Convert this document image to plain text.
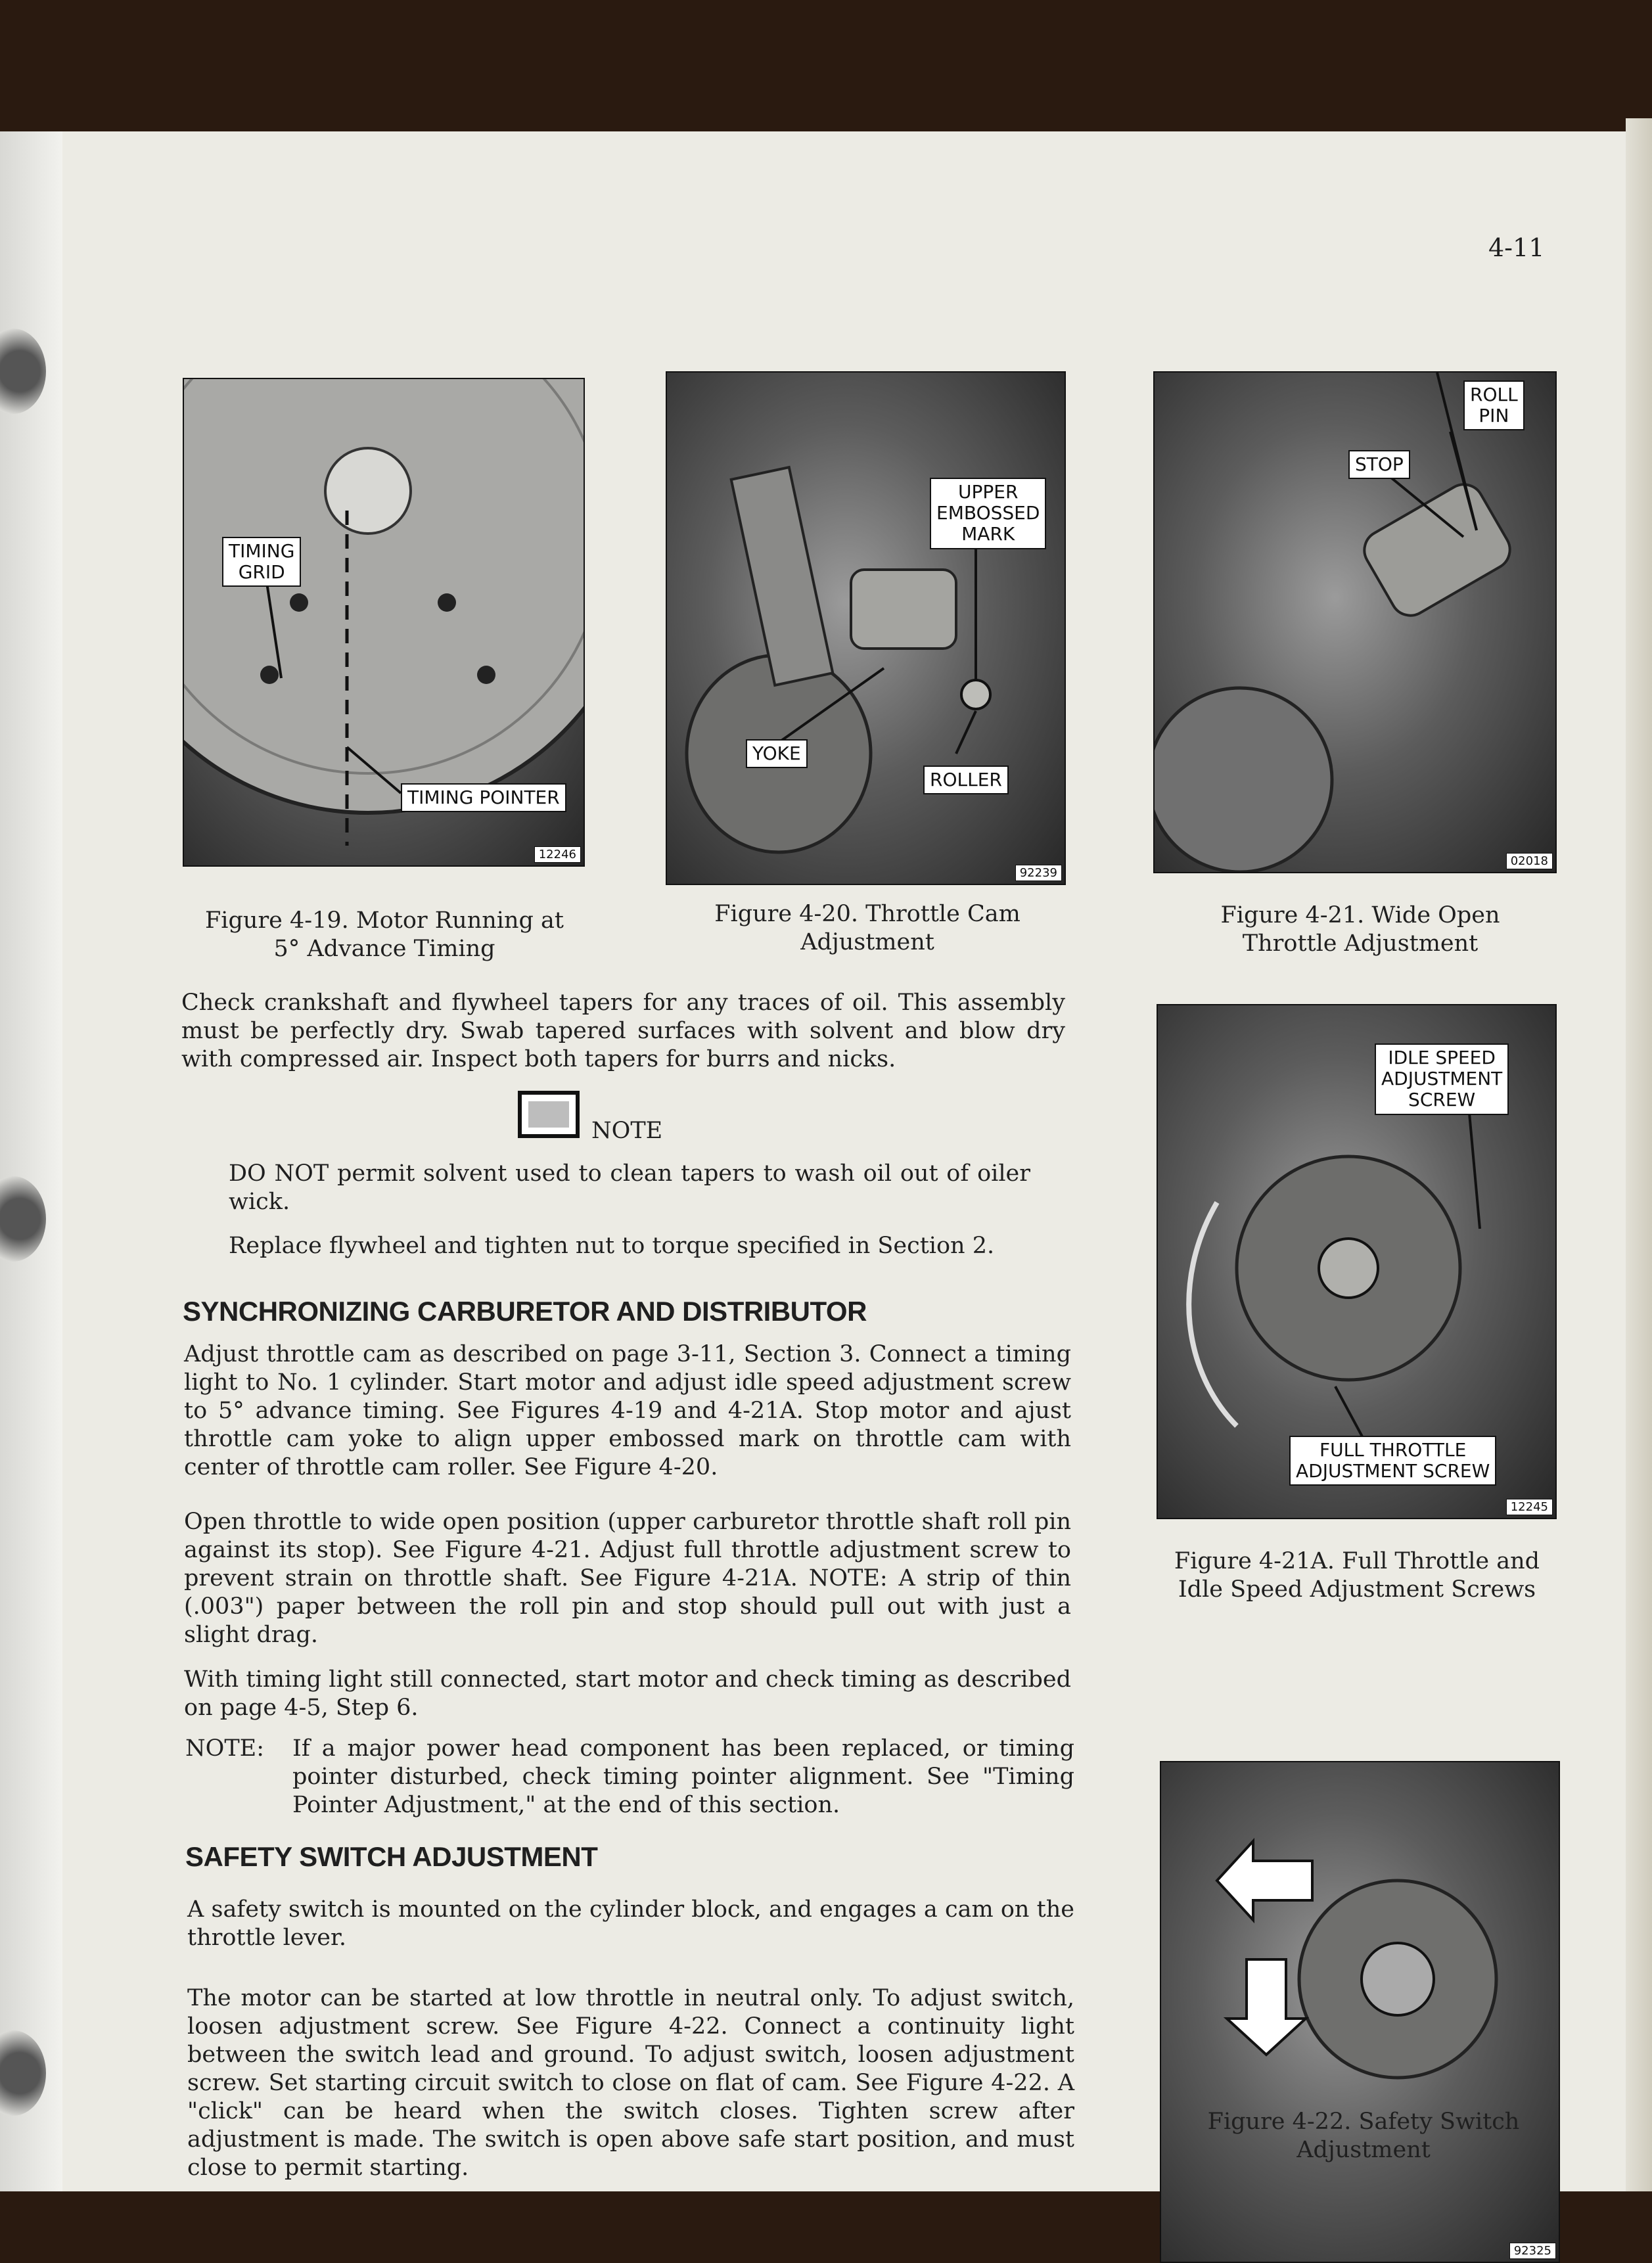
4-11
TIMING
GRID
TIMING POINTER
12246
Figure 4-19. Motor Running at
5° Advance Timing
UPPER
EMBOSSED
MARK
YOKE
ROLLER
92239
Figure 4-20. Throttle Cam
Adjustment
ROLL
PIN
STOP
02018
Figure 4-21. Wide Open
Throttle Adjustment
IDLE SPEED
ADJUSTMENT
SCREW
FULL THROTTLE
ADJUSTMENT SCREW
12245
Figure 4-21A. Full Throttle and
Idle Speed Adjustment Screws
92325
Figure 4-22. Safety Switch
Adjustment
Check crankshaft and flywheel tapers for any traces of oil. This assembly must be perfectly dry. Swab tapered surfaces with solvent and blow dry with compressed air. Inspect both tapers for burrs and nicks.
NOTE
DO NOT permit solvent used to clean tapers to wash oil out of oiler wick.
Replace flywheel and tighten nut to torque specified in Section 2.
SYNCHRONIZING CARBURETOR AND DISTRIBUTOR
Adjust throttle cam as described on page 3-11, Section 3. Connect a timing light to No. 1 cylinder. Start motor and adjust idle speed adjustment screw to 5° advance timing. See Figures 4-19 and 4-21A. Stop motor and ajust throttle cam yoke to align upper embossed mark on throttle cam with center of throttle cam roller. See Figure 4-20.
Open throttle to wide open position (upper carburetor throttle shaft roll pin against its stop). See Figure 4-21. Adjust full throttle adjustment screw to prevent strain on throttle shaft. See Figure 4-21A. NOTE: A strip of thin (.003") paper between the roll pin and stop should pull out with just a slight drag.
With timing light still connected, start motor and check timing as described on page 4-5, Step 6.
NOTE: If a major power head component has been replaced, or timing pointer disturbed, check timing pointer alignment. See "Timing Pointer Adjustment," at the end of this section.
SAFETY SWITCH ADJUSTMENT
A safety switch is mounted on the cylinder block, and engages a cam on the throttle lever.
The motor can be started at low throttle in neutral only. To adjust switch, loosen adjustment screw. See Figure 4-22. Connect a continuity light between the switch lead and ground. To adjust switch, loosen adjustment screw. Set starting circuit switch to close on flat of cam. See Figure 4-22. A "click" can be heard when the switch closes. Tighten screw after adjustment is made. The switch is open above safe start position, and must close to permit starting.
